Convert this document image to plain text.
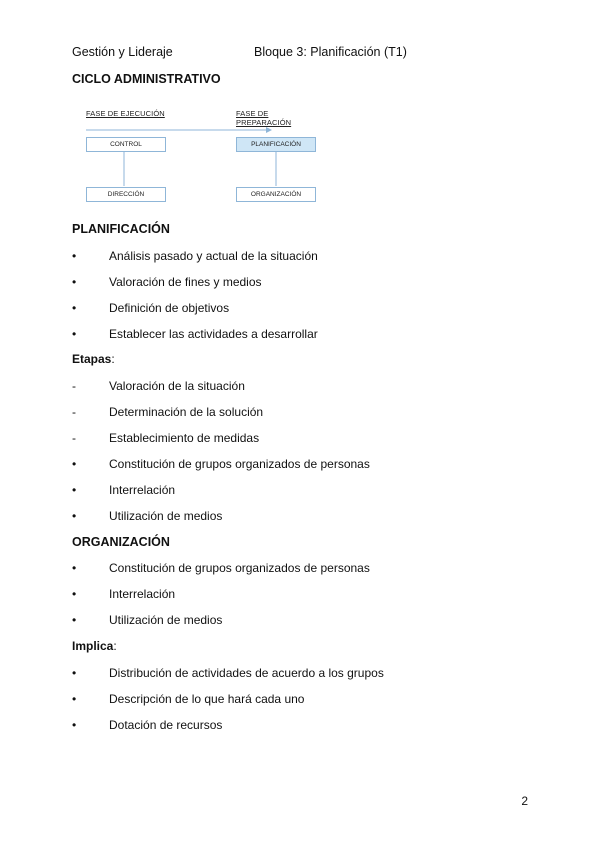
Gestión y Lideraje	Bloque 3: Planificación (T1)
CICLO ADMINISTRATIVO
FASE DE EJECUCIÓN	FASE DE PREPARACIÓN
CONTROL	PLANIFICACIÓN
DIRECCIÓN	ORGANIZACIÓN
PLANIFICACIÓN
•	Análisis pasado y actual de la situación
•	Valoración de fines y medios
•	Definición de objetivos
•	Establecer las actividades a desarrollar
Etapas:
-	Valoración de la situación
-	Determinación de la solución
-	Establecimiento de medidas
•	Constitución de grupos organizados de personas
•	Interrelación
•	Utilización de medios
ORGANIZACIÓN
•	Constitución de grupos organizados de personas
•	Interrelación
•	Utilización de medios
Implica:
•	Distribución de actividades de acuerdo a los grupos
•	Descripción de lo que hará cada uno
•	Dotación de recursos
2
